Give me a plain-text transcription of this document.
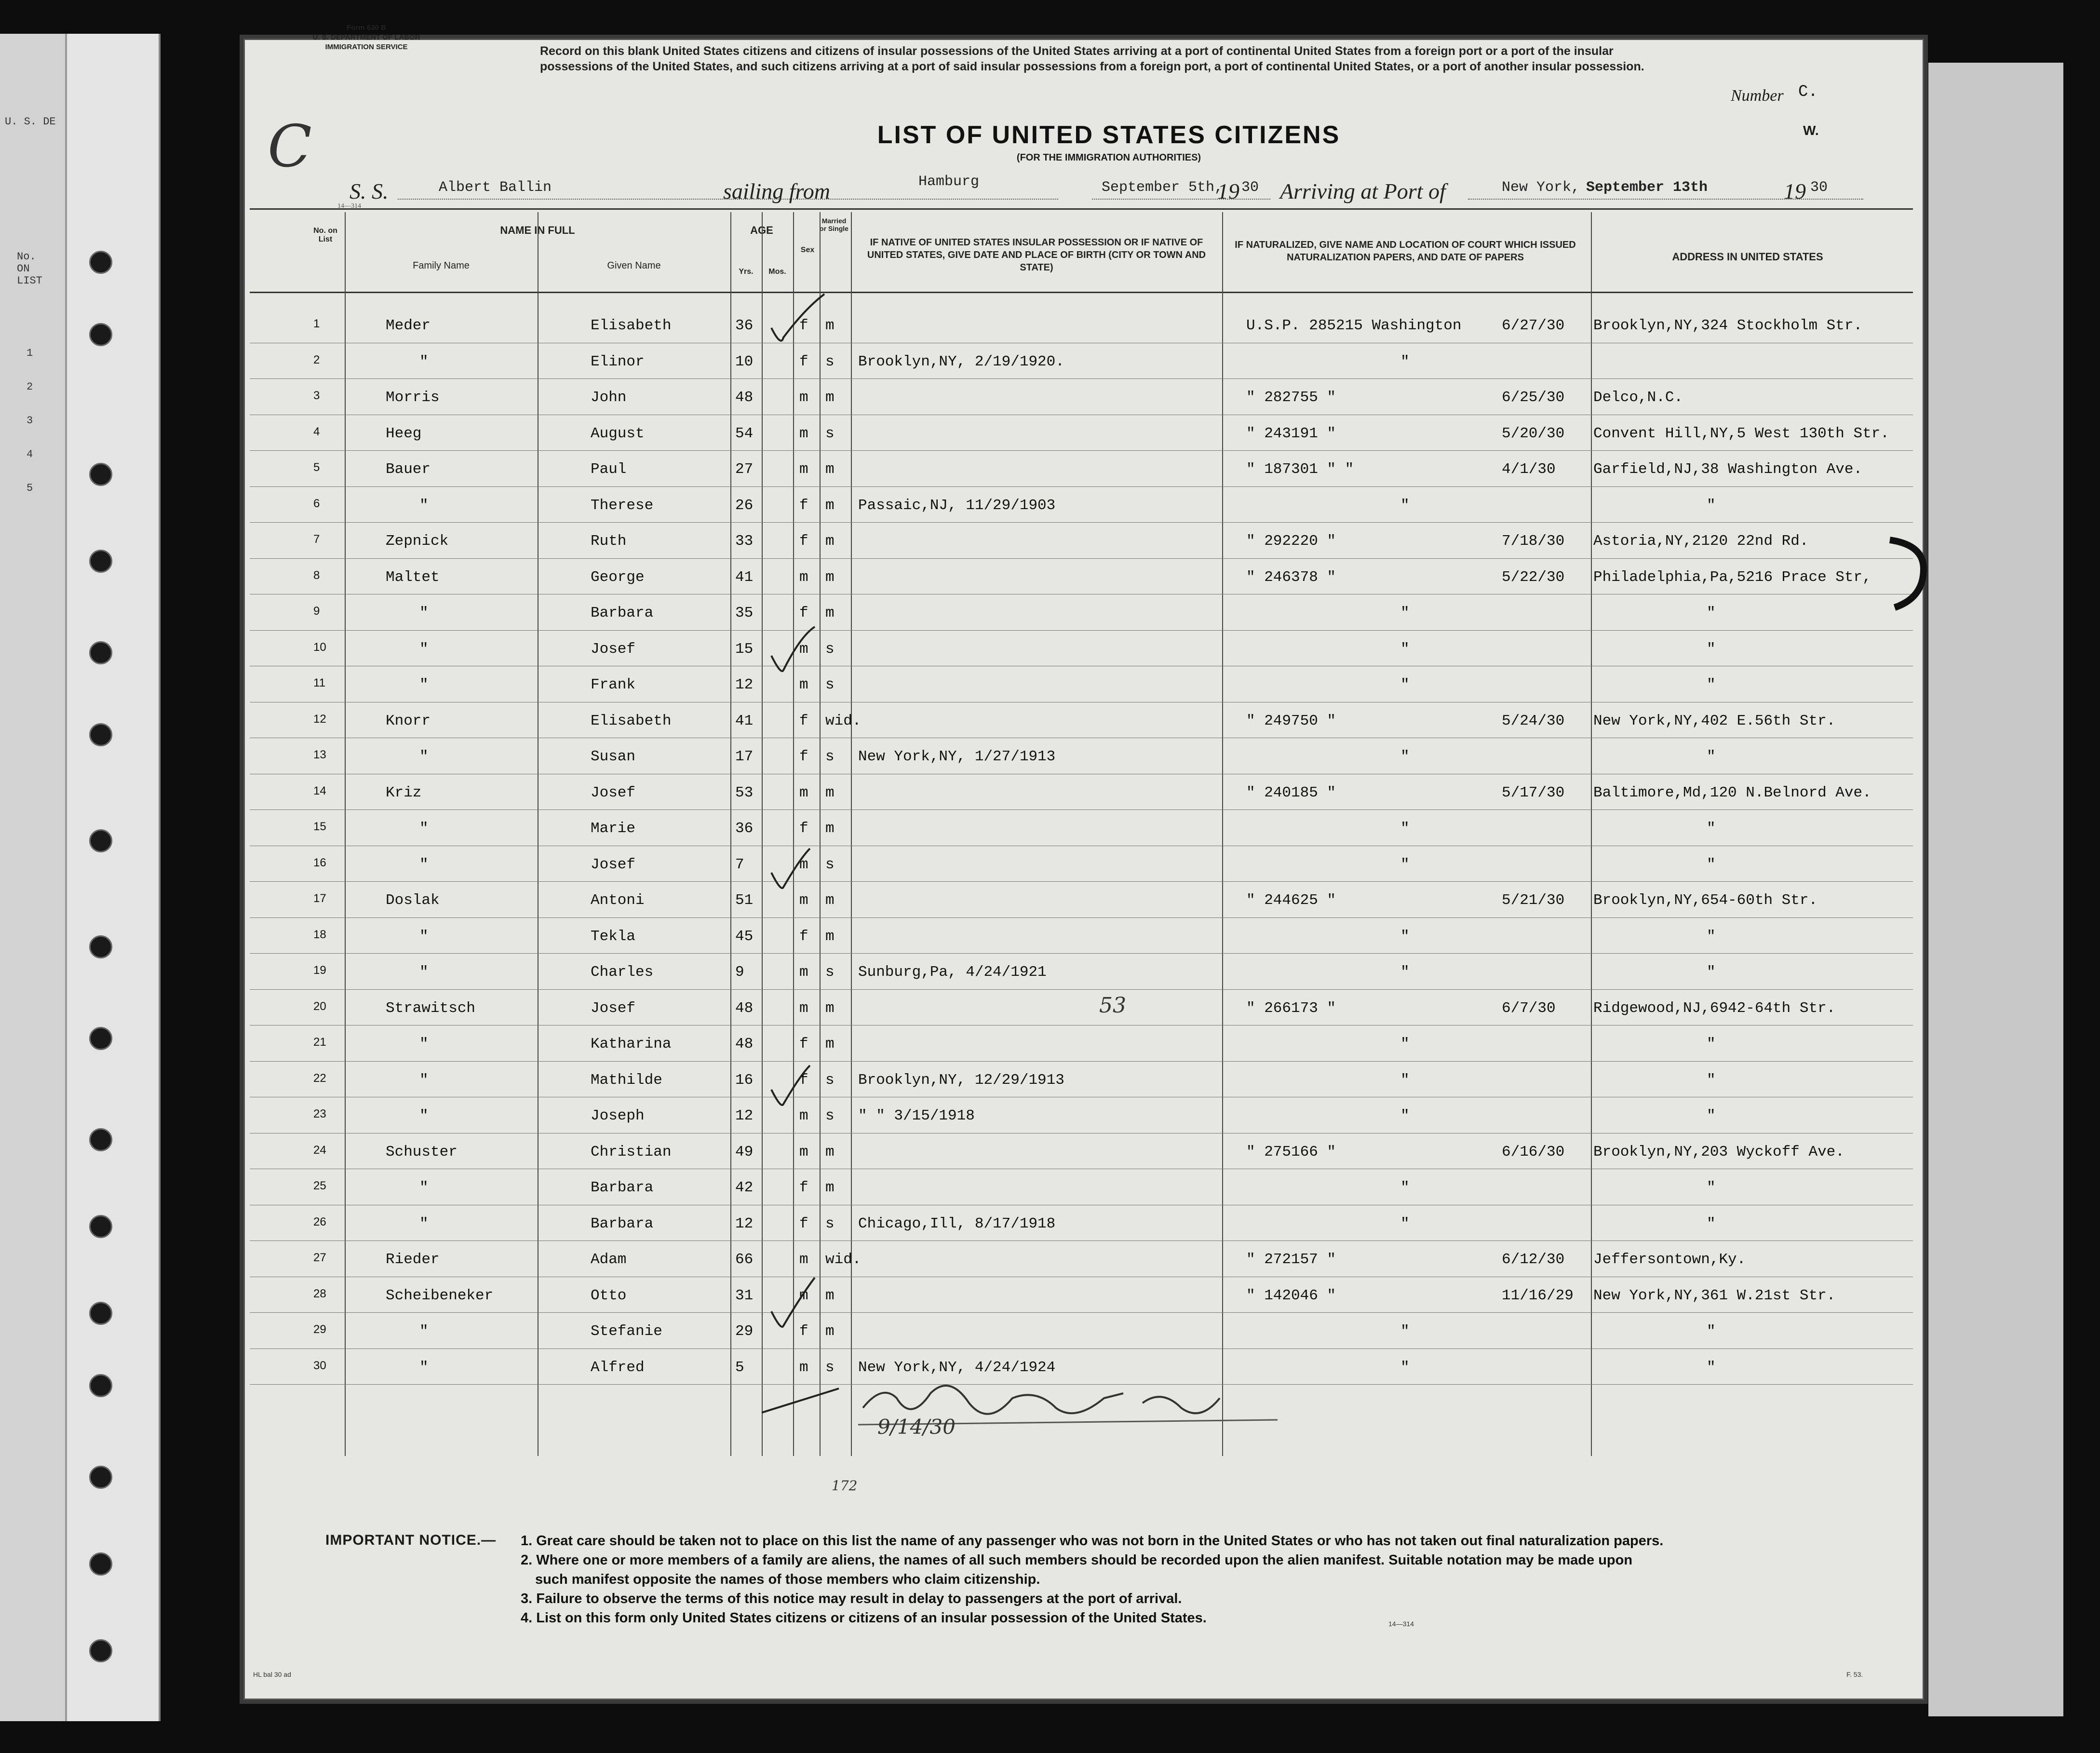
U. S. DE
No.
ON
LIST
1
2
3
4
5
Form 630 B
U. S. DEPARTMENT OF LABOR
IMMIGRATION SERVICE
C
Record on this blank United States citizens and citizens of insular possessions of the United States arriving at a port of continental United States from a foreign port or a port of the insular possessions of the United States, and such citizens arriving at a port of said insular possessions from a foreign port, a port of continental United States, or a port of another insular possession.
Number C.
W.
LIST OF UNITED STATES CITIZENS
(FOR THE IMMIGRATION AUTHORITIES)
S. S.	Albert Ballin	sailing from	Hamburg	September 5th,
19 30 Arriving at Port of	New York, September 13th	19 30
14—314
No. on List
NAME IN FULL
Family Name	Given Name
AGE
Yrs.	Mos.
Sex
Married or Single
IF NATIVE OF UNITED STATES INSULAR POSSESSION OR IF NATIVE OF UNITED STATES, GIVE DATE AND PLACE OF BIRTH (CITY OR TOWN AND STATE)
IF NATURALIZED, GIVE NAME AND LOCATION OF COURT WHICH ISSUED NATURALIZATION PAPERS, AND DATE OF PAPERS	ADDRESS IN UNITED STATES
1	Meder	Elisabeth	36	f m	U.S.P. 285215 Washington	6/27/30 Brooklyn,NY,324 Stockholm Str.
2	"	Elinor	10	f s Brooklyn,NY, 2/19/1920.	"
3	Morris	John	48	m m	" 282755 "	6/25/30 Delco,N.C.
4	Heeg	August	54	m s	" 243191 "	5/20/30 Convent Hill,NY,5 West 130th Str.
5	Bauer	Paul	27	m m	" 187301 " "	4/1/30	Garfield,NJ,38 Washington Ave.
6	"	Therese	26	f m Passaic,NJ, 11/29/1903	"	"
7	Zepnick	Ruth	33	f m	" 292220 "	7/18/30 Astoria,NY,2120 22nd Rd.
8	Maltet	George	41	m m	" 246378 "	5/22/30 Philadelphia,Pa,5216 Prace Str,
9	"	Barbara	35	f m	"	"
10	"	Josef	15	m s	"	"
11	"	Frank	12	m s	"	"
12	Knorr	Elisabeth	41	f wid.	" 249750 "	5/24/30 New York,NY,402 E.56th Str.
13	"	Susan	17	f s New York,NY, 1/27/1913	"	"
14	Kriz	Josef	53	m m	" 240185 "	5/17/30 Baltimore,Md,120 N.Belnord Ave.
15	"	Marie	36	f m	"	"
16	"	Josef	7	m s	"	"
17	Doslak	Antoni	51	m m	" 244625 "	5/21/30 Brooklyn,NY,654-60th Str.
18	"	Tekla	45	f m	"	"
19	"	Charles	9	m s Sunburg,Pa, 4/24/1921	"	"
20	Strawitsch	Josef	48	m m	" 266173 "	6/7/30	Ridgewood,NJ,6942-64th Str.
21	"	Katharina	48	f m	"	"
22	"	Mathilde	16	f s Brooklyn,NY, 12/29/1913	"	"
23	"	Joseph	12	m s " " 3/15/1918	"	"
24	Schuster	Christian	49	m m	" 275166 "	6/16/30 Brooklyn,NY,203 Wyckoff Ave.
25	"	Barbara	42	f m	"	"
26	"	Barbara	12	f s Chicago,Ill, 8/17/1918	"	"
27	Rieder	Adam	66	m wid.	" 272157 "	6/12/30 Jeffersontown,Ky.
28	Scheibeneker	Otto	31	m m	" 142046 "	11/16/29 New York,NY,361 W.21st Str.
29	"	Stefanie	29	f m	"	"
30	"	Alfred	5	m s New York,NY, 4/24/1924	"	"
53
9/14/30
172
IMPORTANT NOTICE.— 1. Great care should be taken not to place on this list the name of any passenger who was not born in the United States or who has not taken out final naturalization papers.
2. Where one or more members of a family are aliens, the names of all such members should be recorded upon the alien manifest. Suitable notation may be made upon
such manifest opposite the names of those members who claim citizenship.
3. Failure to observe the terms of this notice may result in delay to passengers at the port of arrival.
4. List on this form only United States citizens or citizens of an insular possession of the United States.	14—314
HL bal 30 ad	F. 53.
